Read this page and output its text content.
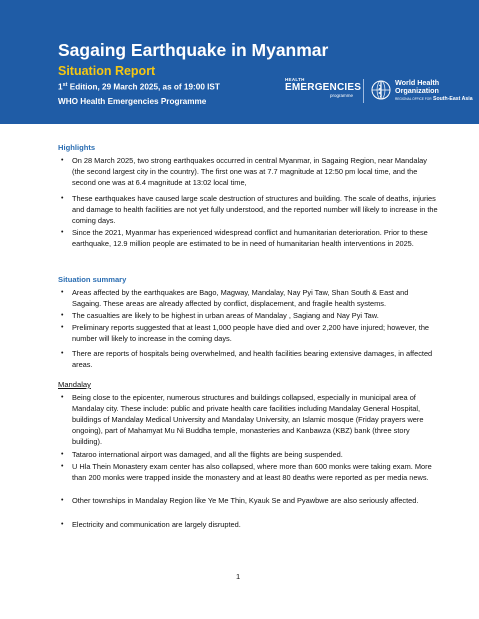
Sagaing Earthquake in Myanmar
Situation Report
1st Edition, 29 March 2025, as of 19:00 IST
WHO Health Emergencies Programme
HEALTH
EMERGENCIES
programme
World Health
Organization
REGIONAL OFFICE FOR South-East Asia
Highlights
• On 28 March 2025, two strong earthquakes occurred in central Myanmar, in Sagaing Region, near Mandalay (the second largest city in the country). The first one was at 7.7 magnitude at 12:50 pm local time, and the second one was at 6.4 magnitude at 13:02 local time,
• These earthquakes have caused large scale destruction of structures and building. The scale of deaths, injuries and damage to health facilities are not yet fully understood, and the reported number will likely to increase in the coming days.
• Since the 2021, Myanmar has experienced widespread conflict and humanitarian deterioration. Prior to these earthquake, 12.9 million people are estimated to be in need of humanitarian health interventions in 2025.
Situation summary
• Areas affected by the earthquakes are Bago, Magway, Mandalay, Nay Pyi Taw, Shan South & East and Sagaing. These areas are already affected by conflict, displacement, and fragile health systems.
• The casualties are likely to be highest in urban areas of Mandalay , Sagiang and Nay Pyi Taw.
• Preliminary reports suggested that at least 1,000 people have died and over 2,200 have injured; however, the number will likely to increase in the coming days.
• There are reports of hospitals being overwhelmed, and health facilities bearing extensive damages, in affected areas.
Mandalay
• Being close to the epicenter, numerous structures and buildings collapsed, especially in municipal area of Mandalay city. These include: public and private health care facilities including Mandalay General Hospital, buildings of Mandalay Medical University and Mandalay University, an Islamic mosque (Friday prayers were ongoing), part of Mahamyat Mu Ni Buddha temple, monasteries and Kanbawza (KBZ) bank (three story building).
• Tataroo international airport was damaged, and all the flights are being suspended.
• U Hla Thein Monastery exam center has also collapsed, where more than 600 monks were taking exam. More than 200 monks were trapped inside the monastery and at least 80 deaths were reported as per media news.
• Other townships in Mandalay Region like Ye Me Thin, Kyauk Se and Pyawbwe are also seriously affected.
• Electricity and communication are largely disrupted.
1
